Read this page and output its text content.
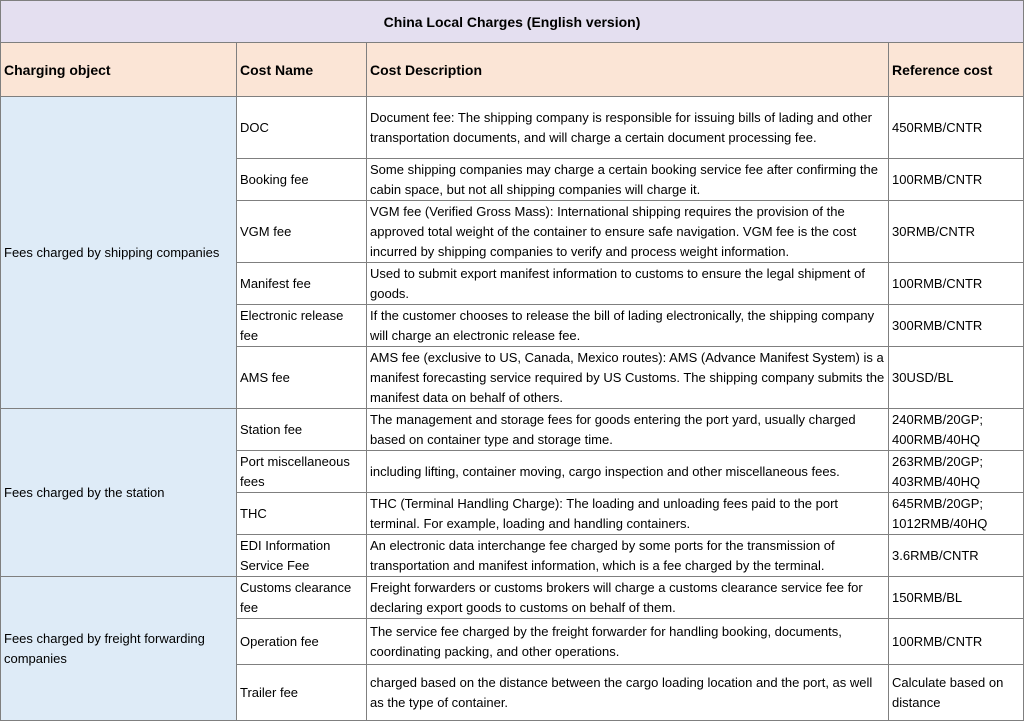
China Local Charges (English version)			
Charging object	Cost Name	Cost Description	Reference cost
Fees charged by shipping companies	DOC	Document fee: The shipping company is responsible for issuing bills of lading and other transportation documents, and will charge a certain document processing fee.	450RMB/CNTR
	Booking fee	Some shipping companies may charge a certain booking service fee after confirming the cabin space, but not all shipping companies will charge it.	100RMB/CNTR
	VGM fee	VGM fee (Verified Gross Mass): International shipping requires the provision of the approved total weight of the container to ensure safe navigation. VGM fee is the cost incurred by shipping companies to verify and process weight information.	30RMB/CNTR
	Manifest fee	Used to submit export manifest information to customs to ensure the legal shipment of goods.	100RMB/CNTR
	Electronic release fee	If the customer chooses to release the bill of lading electronically, the shipping company will charge an electronic release fee.	300RMB/CNTR
	AMS fee	AMS fee (exclusive to US, Canada, Mexico routes): AMS (Advance Manifest System) is a manifest forecasting service required by US Customs. The shipping company submits the manifest data on behalf of others.	30USD/BL
Fees charged by the station	Station fee	The management and storage fees for goods entering the port yard, usually charged based on container type and storage time.	240RMB/20GP; 400RMB/40HQ
	Port miscellaneous fees	including lifting, container moving, cargo inspection and other miscellaneous fees.	263RMB/20GP; 403RMB/40HQ
	THC	THC (Terminal Handling Charge): The loading and unloading fees paid to the port terminal. For example, loading and handling containers.	645RMB/20GP; 1012RMB/40HQ
	EDI Information Service Fee	An electronic data interchange fee charged by some ports for the transmission of transportation and manifest information, which is a fee charged by the terminal.	3.6RMB/CNTR
Fees charged by freight forwarding companies	Customs clearance fee	Freight forwarders or customs brokers will charge a customs clearance service fee for declaring export goods to customs on behalf of them.	150RMB/BL
	Operation fee	The service fee charged by the freight forwarder for handling booking, documents, coordinating packing, and other operations.	100RMB/CNTR
	Trailer fee	charged based on the distance between the cargo loading location and the port, as well as the type of container.	Calculate based on distance
